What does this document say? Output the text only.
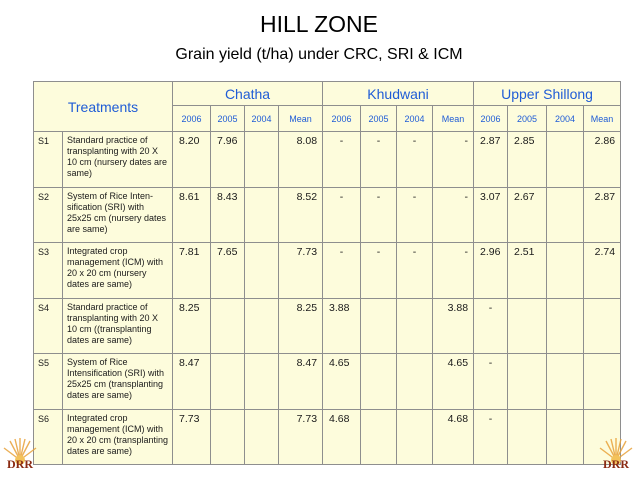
HILL ZONE
Grain yield (t/ha) under CRC, SRI & ICM
Treatments		Chatha				Khudwani				Upper Shillong			
		2006	2005	2004	Mean	2006	2005	2004	Mean	2006	2005	2004	Mean
S1	Standard practice of transplanting with 20 X 10 cm (nursery dates are same)	8.20	7.96		8.08	-	-	-	-	2.87	2.85		2.86
S2	System of Rice Inten-sification (SRI) with 25x25 cm (nursery dates are same)	8.61	8.43		8.52	-	-	-	-	3.07	2.67		2.87
S3	Integrated crop management (ICM) with 20 x 20 cm (nursery dates are same)	7.81	7.65		7.73	-	-	-	-	2.96	2.51		2.74
S4	Standard practice of transplanting with 20 X 10 cm ((transplanting dates are same)	8.25			8.25	3.88			3.88	-			
S5	System of Rice Intensification (SRI) with 25x25 cm (transplanting dates are same)	8.47			8.47	4.65			4.65	-			
S6	Integrated crop management (ICM) with 20 x 20 cm (transplanting dates are same)	7.73			7.73	4.68			4.68	-			
DRR	DRR
